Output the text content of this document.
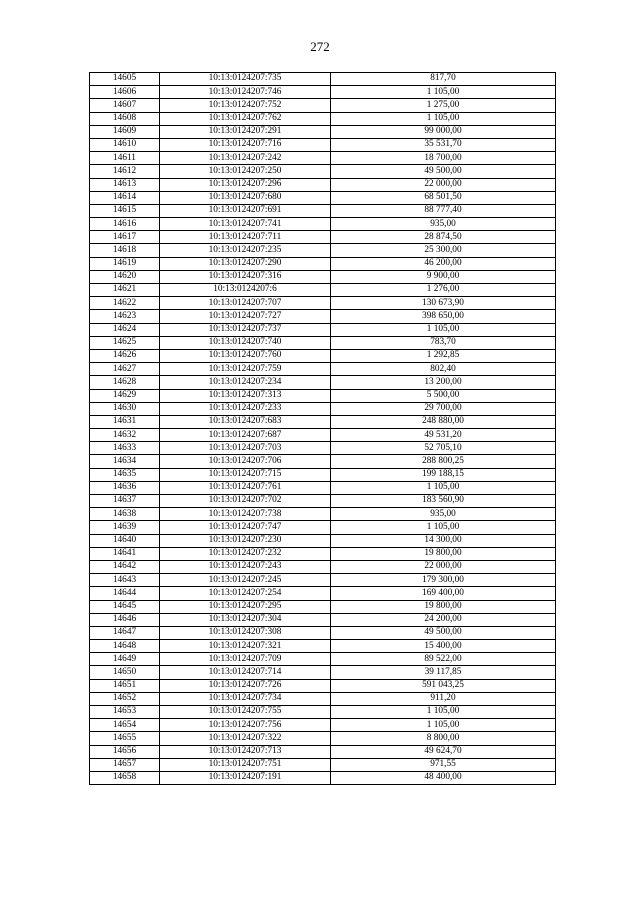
272
14605	10:13:0124207:735	817,70
14606	10:13:0124207:746	1 105,00
14607	10:13:0124207:752	1 275,00
14608	10:13:0124207:762	1 105,00
14609	10:13:0124207:291	99 000,00
14610	10:13:0124207:716	35 531,70
14611	10:13:0124207:242	18 700,00
14612	10:13:0124207:250	49 500,00
14613	10:13:0124207:296	22 000,00
14614	10:13:0124207:680	68 501,50
14615	10:13:0124207:691	88 777,40
14616	10:13:0124207:741	935,00
14617	10:13:0124207:711	28 874,50
14618	10:13:0124207:235	25 300,00
14619	10:13:0124207:290	46 200,00
14620	10:13:0124207:316	9 900,00
14621	10:13:0124207:6	1 276,00
14622	10:13:0124207:707	130 673,90
14623	10:13:0124207:727	398 650,00
14624	10:13:0124207:737	1 105,00
14625	10:13:0124207:740	783,70
14626	10:13:0124207:760	1 292,85
14627	10:13:0124207:759	802,40
14628	10:13:0124207:234	13 200,00
14629	10:13:0124207:313	5 500,00
14630	10:13:0124207:233	29 700,00
14631	10:13:0124207:683	248 880,00
14632	10:13:0124207:687	49 531,20
14633	10:13:0124207:703	52 705,10
14634	10:13:0124207:706	288 800,25
14635	10:13:0124207:715	199 188,15
14636	10:13:0124207:761	1 105,00
14637	10:13:0124207:702	183 560,90
14638	10:13:0124207:738	935,00
14639	10:13:0124207:747	1 105,00
14640	10:13:0124207:230	14 300,00
14641	10:13:0124207:232	19 800,00
14642	10:13:0124207:243	22 000,00
14643	10:13:0124207:245	179 300,00
14644	10:13:0124207:254	169 400,00
14645	10:13:0124207:295	19 800,00
14646	10:13:0124207:304	24 200,00
14647	10:13:0124207:308	49 500,00
14648	10:13:0124207:321	15 400,00
14649	10:13:0124207:709	89 522,00
14650	10:13:0124207:714	39 117,85
14651	10:13:0124207:726	591 043,25
14652	10:13:0124207:734	911,20
14653	10:13:0124207:755	1 105,00
14654	10:13:0124207:756	1 105,00
14655	10:13:0124207:322	8 800,00
14656	10:13:0124207:713	49 624,70
14657	10:13:0124207:751	971,55
14658	10:13:0124207:191	48 400,00
